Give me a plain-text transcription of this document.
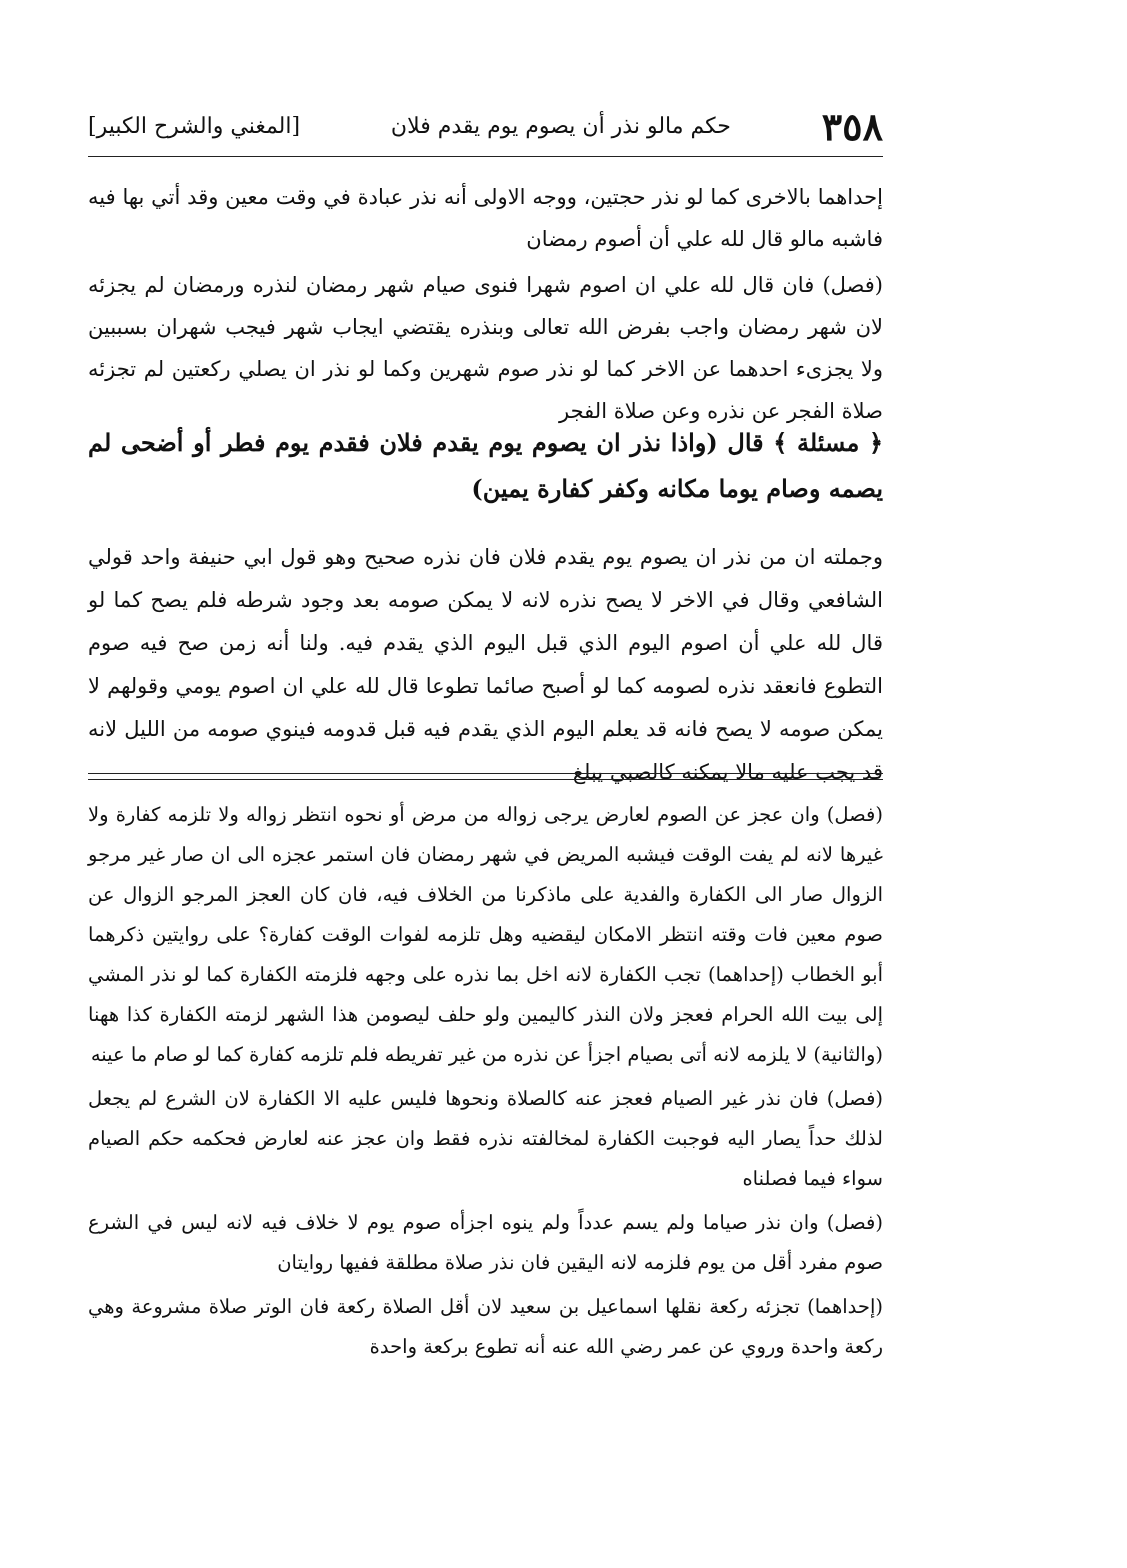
٣٥٨
حكم مالو نذر أن يصوم يوم يقدم فلان
[المغني والشرح الكبير]

إحداهما بالاخرى كما لو نذر حجتين، ووجه الاولى أنه نذر عبادة في وقت معين وقد أتي بها فيه فاشبه مالو قال لله علي أن أصوم رمضان

(فصل) فان قال لله علي ان اصوم شهرا فنوى صيام شهر رمضان لنذره ورمضان لم يجزئه لان شهر رمضان واجب بفرض الله تعالى وبنذره يقتضي ايجاب شهر فيجب شهران بسببين ولا يجزىء احدهما عن الاخر كما لو نذر صوم شهرين وكما لو نذر ان يصلي ركعتين لم تجزئه صلاة الفجر عن نذره وعن صلاة الفجر

﴿ مسئلة ﴾ قال (واذا نذر ان يصوم يوم يقدم فلان فقدم يوم فطر أو أضحى لم يصمه وصام يوما مكانه وكفر كفارة يمين)

وجملته ان من نذر ان يصوم يوم يقدم فلان فان نذره صحيح وهو قول ابي حنيفة واحد قولي الشافعي وقال في الاخر لا يصح نذره لانه لا يمكن صومه بعد وجود شرطه فلم يصح كما لو قال لله علي أن اصوم اليوم الذي قبل اليوم الذي يقدم فيه. ولنا أنه زمن صح فيه صوم التطوع فانعقد نذره لصومه كما لو أصبح صائما تطوعا قال لله علي ان اصوم يومي وقولهم لا يمكن صومه لا يصح فانه قد يعلم اليوم الذي يقدم فيه قبل قدومه فينوي صومه من الليل لانه قد يجب عليه مالا يمكنه كالصبي يبلغ

(فصل) وان عجز عن الصوم لعارض يرجى زواله من مرض أو نحوه انتظر زواله ولا تلزمه كفارة ولا غيرها لانه لم يفت الوقت فيشبه المريض في شهر رمضان فان استمر عجزه الى ان صار غير مرجو الزوال صار الى الكفارة والفدية على ماذكرنا من الخلاف فيه، فان كان العجز المرجو الزوال عن صوم معين فات وقته انتظر الامكان ليقضيه وهل تلزمه لفوات الوقت كفارة؟ على روايتين ذكرهما أبو الخطاب (إحداهما) تجب الكفارة لانه اخل بما نذره على وجهه فلزمته الكفارة كما لو نذر المشي إلى بيت الله الحرام فعجز ولان النذر كاليمين ولو حلف ليصومن هذا الشهر لزمته الكفارة كذا ههنا (والثانية) لا يلزمه لانه أتى بصيام اجزأ عن نذره من غير تفريطه فلم تلزمه كفارة كما لو صام ما عينه

(فصل) فان نذر غير الصيام فعجز عنه كالصلاة ونحوها فليس عليه الا الكفارة لان الشرع لم يجعل لذلك حداً يصار اليه فوجبت الكفارة لمخالفته نذره فقط وان عجز عنه لعارض فحكمه حكم الصيام سواء فيما فصلناه

(فصل) وان نذر صياما ولم يسم عدداً ولم ينوه اجزأه صوم يوم لا خلاف فيه لانه ليس في الشرع صوم مفرد أقل من يوم فلزمه لانه اليقين فان نذر صلاة مطلقة ففيها روايتان

(إحداهما) تجزئه ركعة نقلها اسماعيل بن سعيد لان أقل الصلاة ركعة فان الوتر صلاة مشروعة وهي ركعة واحدة وروي عن عمر رضي الله عنه أنه تطوع بركعة واحدة
